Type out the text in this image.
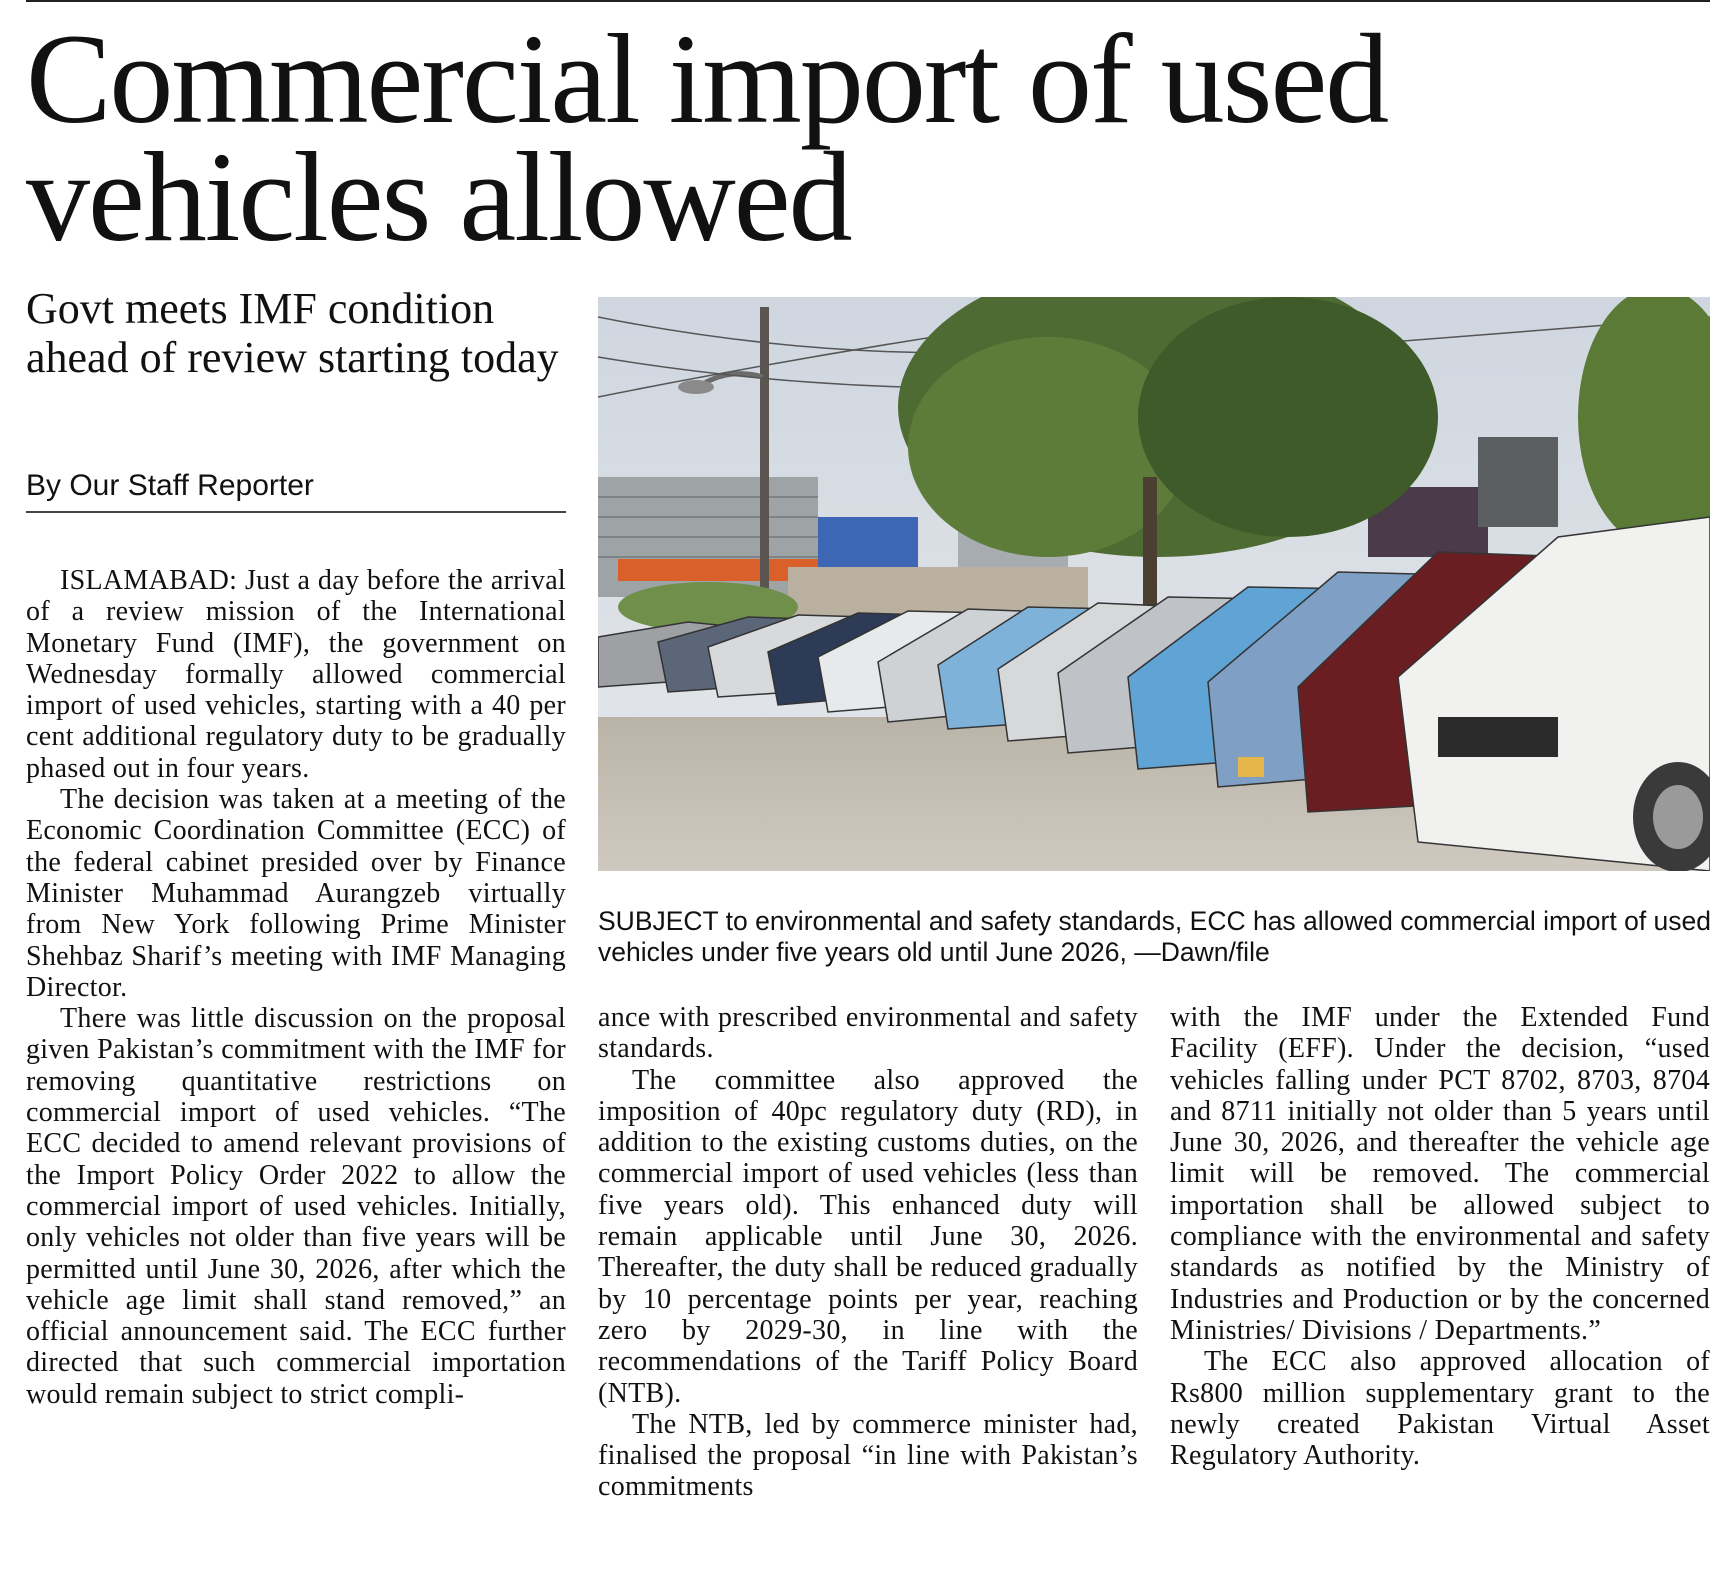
Commercial import of used vehicles allowed
Govt meets IMF condition ahead of review starting today
By Our Staff Reporter
SUBJECT to environmental and safety standards, ECC has allowed commercial import of used vehicles under five years old until June 2026, —Dawn/file

ISLAMABAD: Just a day before the arrival of a review mission of the International Monetary Fund (IMF), the government on Wednesday formally allowed commercial import of used vehicles, starting with a 40 per cent additional regulatory duty to be gradually phased out in four years.

The decision was taken at a meeting of the Economic Coordination Committee (ECC) of the federal cabinet presided over by Finance Minister Muhammad Aurangzeb virtually from New York following Prime Minister Shehbaz Sharif’s meeting with IMF Managing Director.

There was little discussion on the proposal given Pakistan’s commitment with the IMF for removing quantitative restrictions on commercial import of used vehicles. “The ECC decided to amend relevant provisions of the Import Policy Order 2022 to allow the commercial import of used vehicles. Initially, only vehicles not older than five years will be permitted until June 30, 2026, after which the vehicle age limit shall stand removed,” an official announcement said. The ECC further directed that such commercial importation would remain subject to strict compli-

ance with prescribed environmental and safety standards.

The committee also approved the imposition of 40pc regulatory duty (RD), in addition to the existing customs duties, on the commercial import of used vehicles (less than five years old). This enhanced duty will remain applicable until June 30, 2026. Thereafter, the duty shall be reduced gradually by 10 percentage points per year, reaching zero by 2029-30, in line with the recommendations of the Tariff Policy Board (NTB).

The NTB, led by commerce minister had, finalised the proposal “in line with Pakistan’s commitments

with the IMF under the Extended Fund Facility (EFF). Under the decision, “used vehicles falling under PCT 8702, 8703, 8704 and 8711 initially not older than 5 years until June 30, 2026, and thereafter the vehicle age limit will be removed. The commercial importation shall be allowed subject to compliance with the environmental and safety standards as notified by the Ministry of Industries and Production or by the concerned Ministries/ Divisions / Departments.”

The ECC also approved allocation of Rs800 million supplementary grant to the newly created Pakistan Virtual Asset Regulatory Authority.
